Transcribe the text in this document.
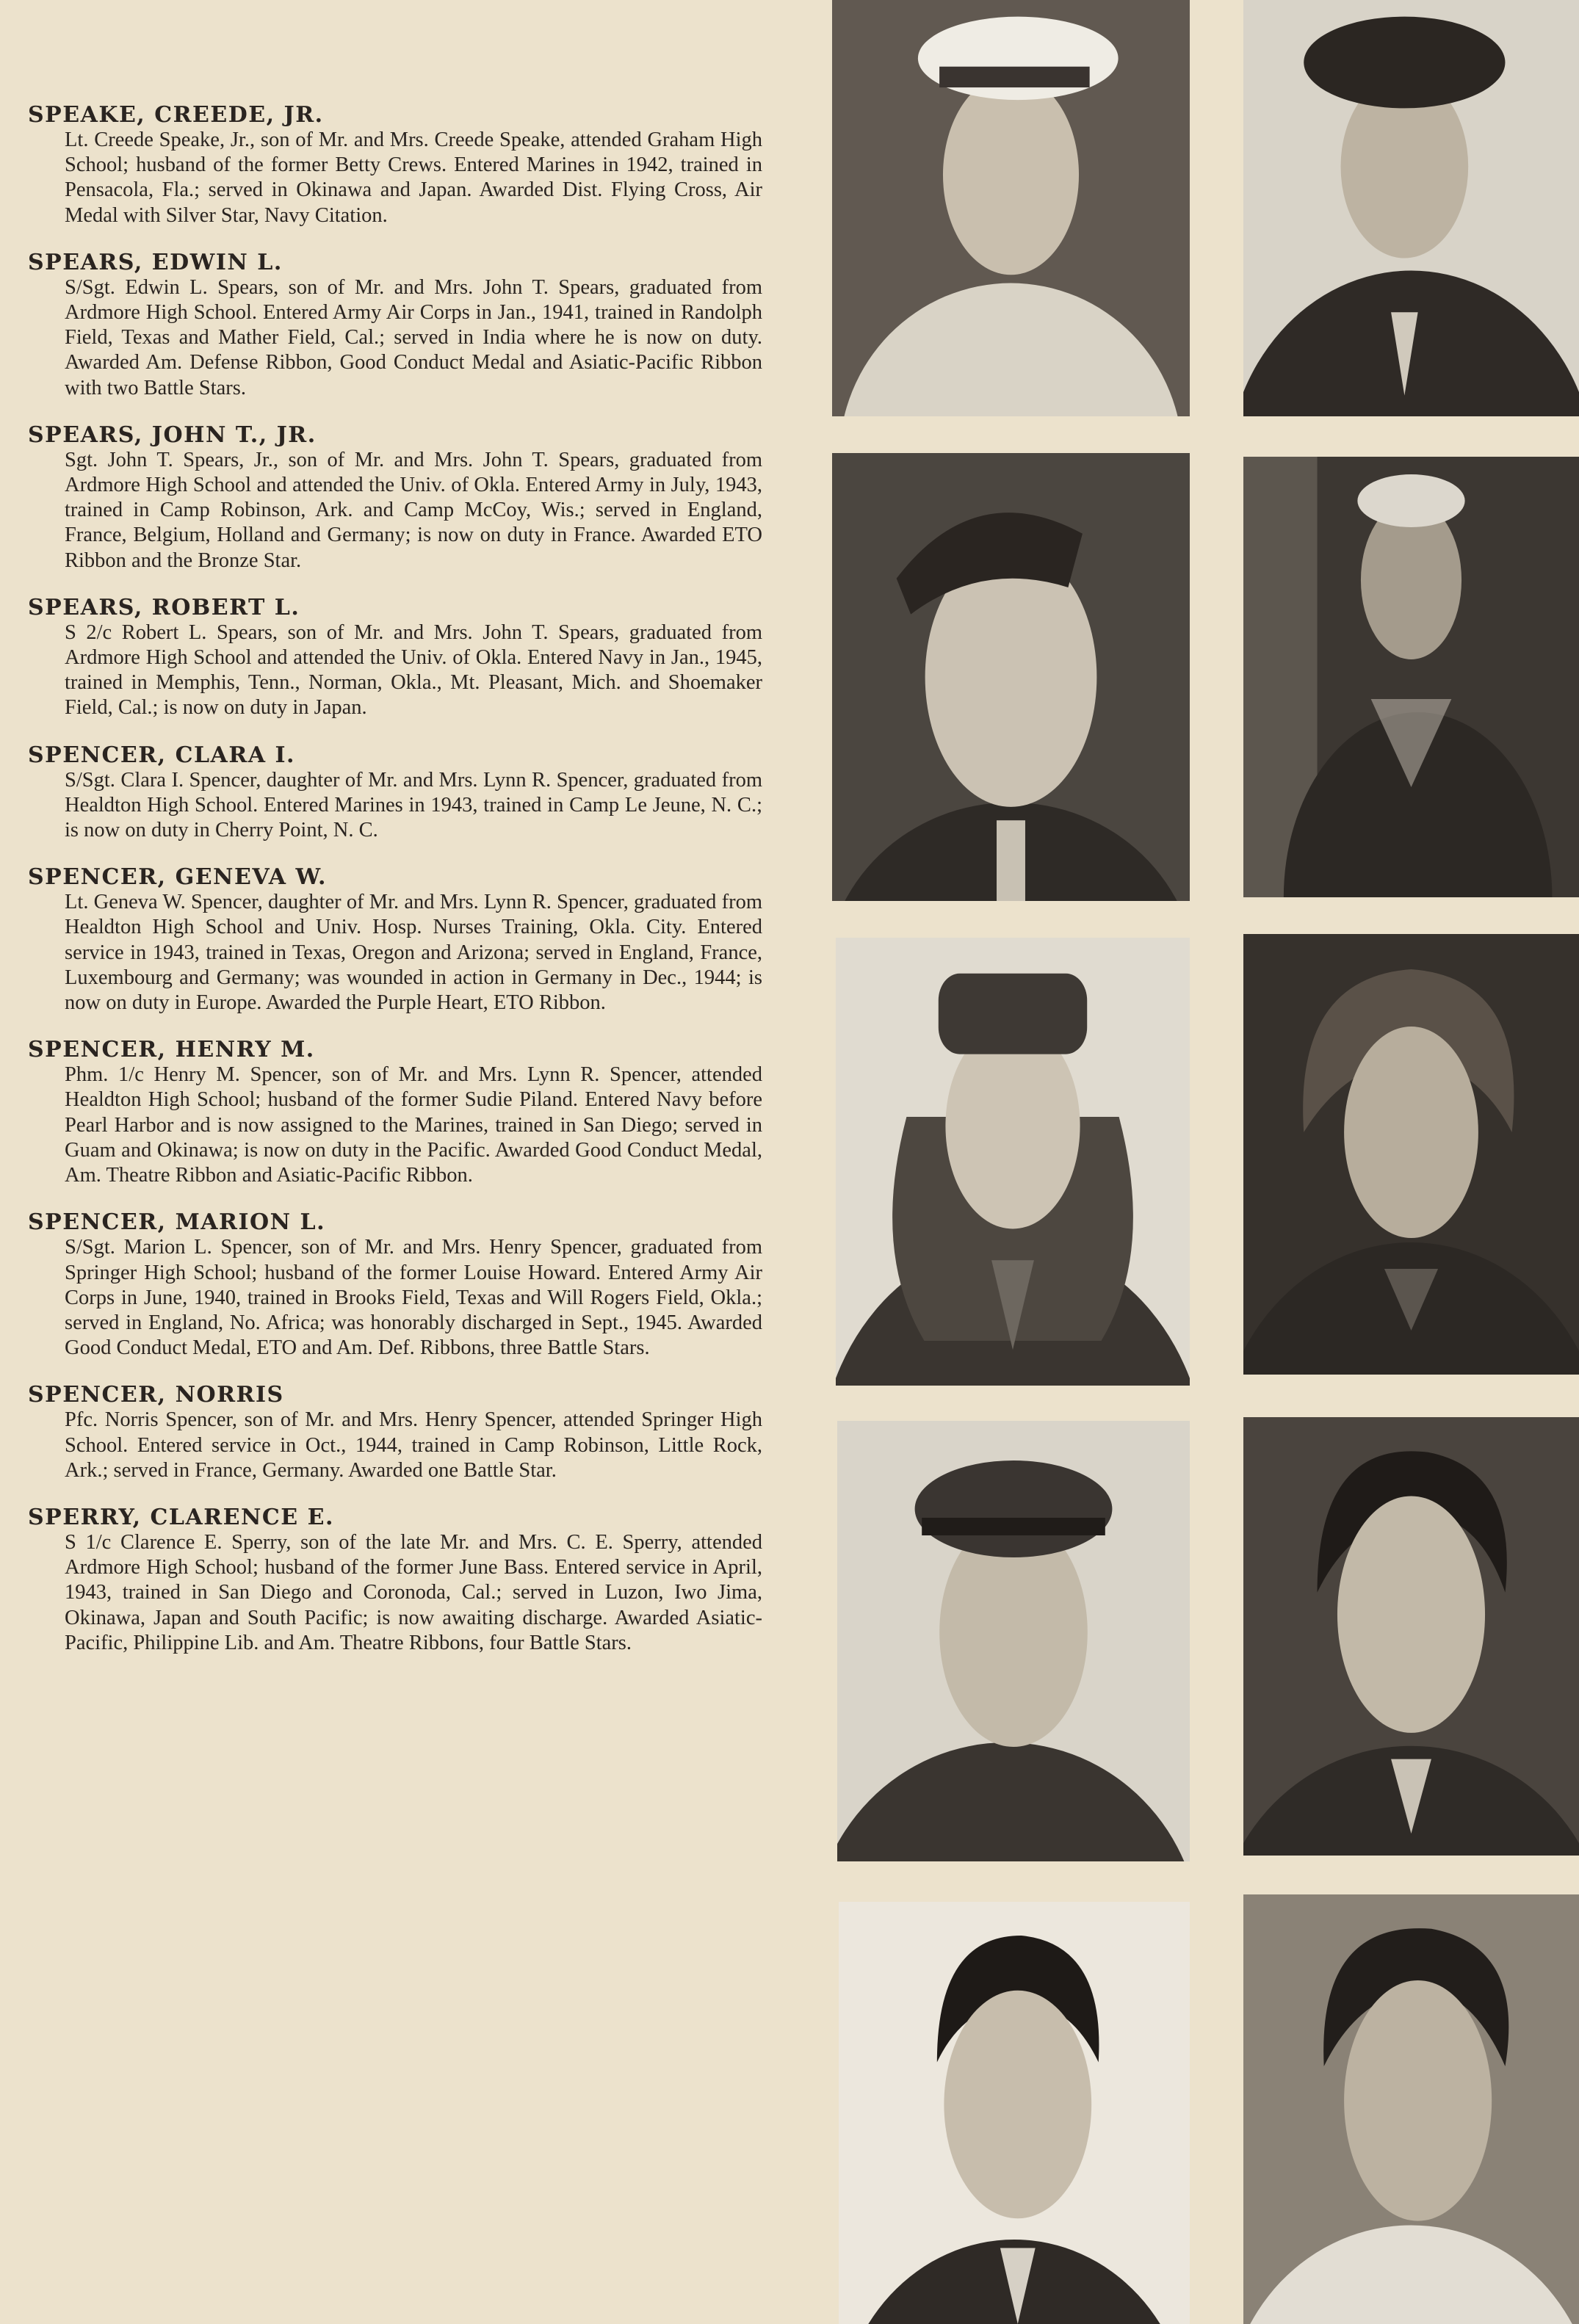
SPEAKE, CREEDE, JR.

Lt. Creede Speake, Jr., son of Mr. and Mrs. Creede Speake, attended Graham High School; husband of the former Betty Crews. Entered Marines in 1942, trained in Pensacola, Fla.; served in Okinawa and Japan. Awarded Dist. Flying Cross, Air Medal with Silver Star, Navy Citation.

SPEARS, EDWIN L.

S/Sgt. Edwin L. Spears, son of Mr. and Mrs. John T. Spears, graduated from Ardmore High School. Entered Army Air Corps in Jan., 1941, trained in Randolph Field, Texas and Mather Field, Cal.; served in India where he is now on duty. Awarded Am. Defense Ribbon, Good Conduct Medal and Asiatic-Pacific Ribbon with two Battle Stars.

SPEARS, JOHN T., JR.

Sgt. John T. Spears, Jr., son of Mr. and Mrs. John T. Spears, graduated from Ardmore High School and attended the Univ. of Okla. Entered Army in July, 1943, trained in Camp Robinson, Ark. and Camp McCoy, Wis.; served in England, France, Belgium, Holland and Germany; is now on duty in France. Awarded ETO Ribbon and the Bronze Star.

SPEARS, ROBERT L.

S 2/c Robert L. Spears, son of Mr. and Mrs. John T. Spears, graduated from Ardmore High School and attended the Univ. of Okla. Entered Navy in Jan., 1945, trained in Memphis, Tenn., Norman, Okla., Mt. Pleasant, Mich. and Shoemaker Field, Cal.; is now on duty in Japan.

SPENCER, CLARA I.

S/Sgt. Clara I. Spencer, daughter of Mr. and Mrs. Lynn R. Spencer, graduated from Healdton High School. Entered Marines in 1943, trained in Camp Le Jeune, N. C.; is now on duty in Cherry Point, N. C.

SPENCER, GENEVA W.

Lt. Geneva W. Spencer, daughter of Mr. and Mrs. Lynn R. Spencer, graduated from Healdton High School and Univ. Hosp. Nurses Training, Okla. City. Entered service in 1943, trained in Texas, Oregon and Arizona; served in England, France, Luxembourg and Germany; was wounded in action in Germany in Dec., 1944; is now on duty in Europe. Awarded the Purple Heart, ETO Ribbon.

SPENCER, HENRY M.

Phm. 1/c Henry M. Spencer, son of Mr. and Mrs. Lynn R. Spencer, attended Healdton High School; husband of the former Sudie Piland. Entered Navy before Pearl Harbor and is now assigned to the Marines, trained in San Diego; served in Guam and Okinawa; is now on duty in the Pacific. Awarded Good Conduct Medal, Am. Theatre Ribbon and Asiatic-Pacific Ribbon.

SPENCER, MARION L.

S/Sgt. Marion L. Spencer, son of Mr. and Mrs. Henry Spencer, graduated from Springer High School; husband of the former Louise Howard. Entered Army Air Corps in June, 1940, trained in Brooks Field, Texas and Will Rogers Field, Okla.; served in England, No. Africa; was honorably discharged in Sept., 1945. Awarded Good Conduct Medal, ETO and Am. Def. Ribbons, three Battle Stars.

SPENCER, NORRIS

Pfc. Norris Spencer, son of Mr. and Mrs. Henry Spencer, attended Springer High School. Entered service in Oct., 1944, trained in Camp Robinson, Little Rock, Ark.; served in France, Germany. Awarded one Battle Star.

SPERRY, CLARENCE E.

S 1/c Clarence E. Sperry, son of the late Mr. and Mrs. C. E. Sperry, attended Ardmore High School; husband of the former June Bass. Entered service in April, 1943, trained in San Diego and Coronoda, Cal.; served in Luzon, Iwo Jima, Okinawa, Japan and South Pacific; is now awaiting discharge. Awarded Asiatic-Pacific, Philippine Lib. and Am. Theatre Ribbons, four Battle Stars.
